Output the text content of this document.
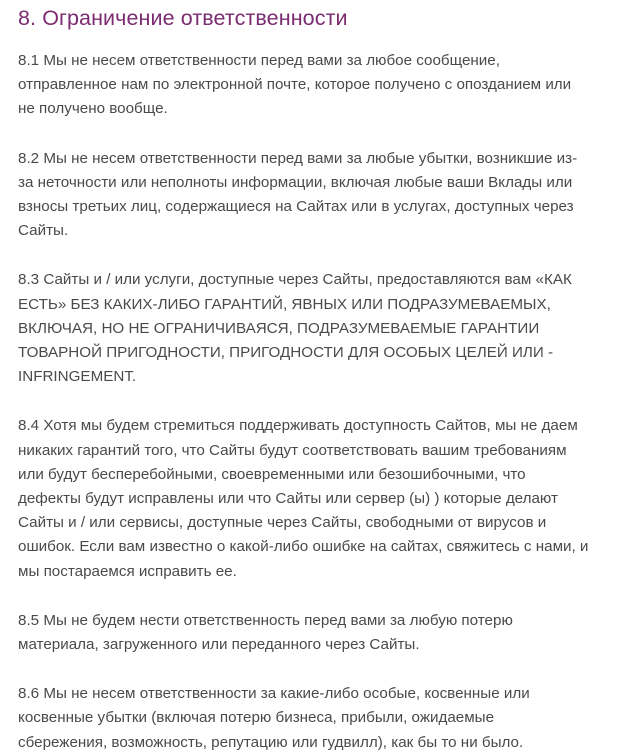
8. Ограничение ответственности

8.1 Мы не несем ответственности перед вами за любое сообщение,
отправленное нам по электронной почте, которое получено с опозданием или
не получено вообще.

8.2 Мы не несем ответственности перед вами за любые убытки, возникшие из-
за неточности или неполноты информации, включая любые ваши Вклады или
взносы третьих лиц, содержащиеся на Сайтах или в услугах, доступных через
Сайты.

8.3 Сайты и / или услуги, доступные через Сайты, предоставляются вам «КАК
ЕСТЬ» БЕЗ КАКИХ-ЛИБО ГАРАНТИЙ, ЯВНЫХ ИЛИ ПОДРАЗУМЕВАЕМЫХ,
ВКЛЮЧАЯ, НО НЕ ОГРАНИЧИВАЯСЯ, ПОДРАЗУМЕВАЕМЫЕ ГАРАНТИИ
ТОВАРНОЙ ПРИГОДНОСТИ, ПРИГОДНОСТИ ДЛЯ ОСОБЫХ ЦЕЛЕЙ ИЛИ -
INFRINGEMENT.

8.4 Хотя мы будем стремиться поддерживать доступность Сайтов, мы не даем
никаких гарантий того, что Сайты будут соответствовать вашим требованиям
или будут бесперебойными, своевременными или безошибочными, что
дефекты будут исправлены или что Сайты или сервер (ы) ) которые делают
Сайты и / или сервисы, доступные через Сайты, свободными от вирусов и
ошибок. Если вам известно о какой-либо ошибке на сайтах, свяжитесь с нами, и
мы постараемся исправить ее.

8.5 Мы не будем нести ответственность перед вами за любую потерю
материала, загруженного или переданного через Сайты.

8.6 Мы не несем ответственности за какие-либо особые, косвенные или
косвенные убытки (включая потерю бизнеса, прибыли, ожидаемые
сбережения, возможность, репутацию или гудвилл), как бы то ни было.
